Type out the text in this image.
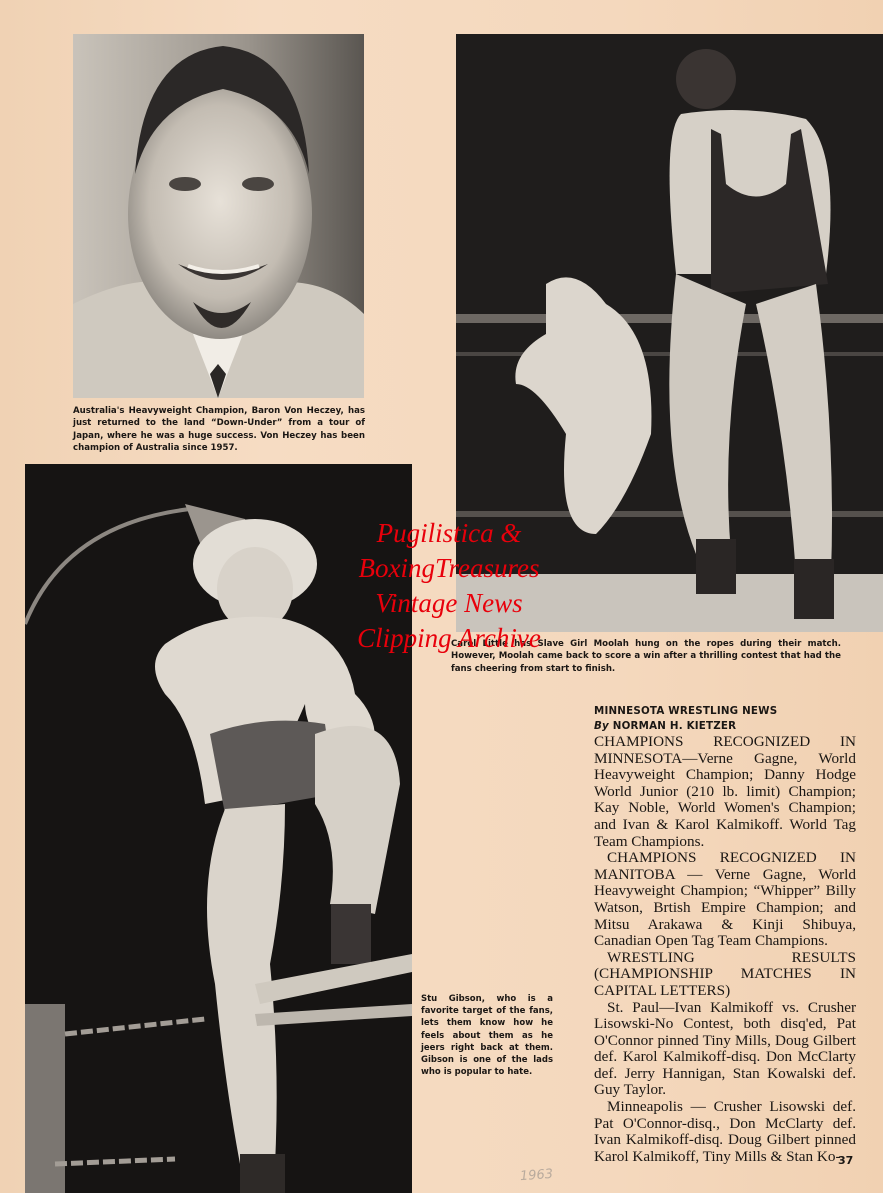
Australia's Heavyweight Champion, Baron Von Heczey, has just returned to the land “Down-Under” from a tour of Japan, where he was a huge success. Von Heczey has been champion of Australia since 1957.
Carol Little has Slave Girl Moolah hung on the ropes during their match. However, Moolah came back to score a win after a thrilling contest that had the fans cheering from start to finish.
Stu Gibson, who is a favorite target of the fans, lets them know how he feels about them as he jeers right back at them. Gibson is one of the lads who is popular to hate.
MINNESOTA WRESTLING NEWS
By NORMAN H. KIETZER

CHAMPIONS RECOGNIZED IN MINNESOTA—Verne Gagne, World Heavyweight Champion; Danny Hodge World Junior (210 lb. limit) Champion; Kay Noble, World Women's Champion; and Ivan & Karol Kalmikoff. World Tag Team Champions.

CHAMPIONS RECOGNIZED IN MANITOBA — Verne Gagne, World Heavyweight Champion; “Whipper” Billy Watson, Brtish Empire Champion; and Mitsu Arakawa & Kinji Shibuya, Canadian Open Tag Team Champions.

WRESTLING RESULTS (CHAMPIONSHIP MATCHES IN CAPITAL LETTERS)

St. Paul—Ivan Kalmikoff vs. Crusher Lisowski-No Contest, both disq'ed, Pat O'Connor pinned Tiny Mills, Doug Gilbert def. Karol Kalmikoff-disq. Don McClarty def. Jerry Hannigan, Stan Kowalski def. Guy Taylor.

Minneapolis — Crusher Lisowski def. Pat O'Connor-disq., Don McClarty def. Ivan Kalmikoff-disq. Doug Gilbert pinned Karol Kalmikoff, Tiny Mills & Stan Ko-

1963
37
Pugilistica &
BoxingTreasures
Vintage News
Clipping Archive
